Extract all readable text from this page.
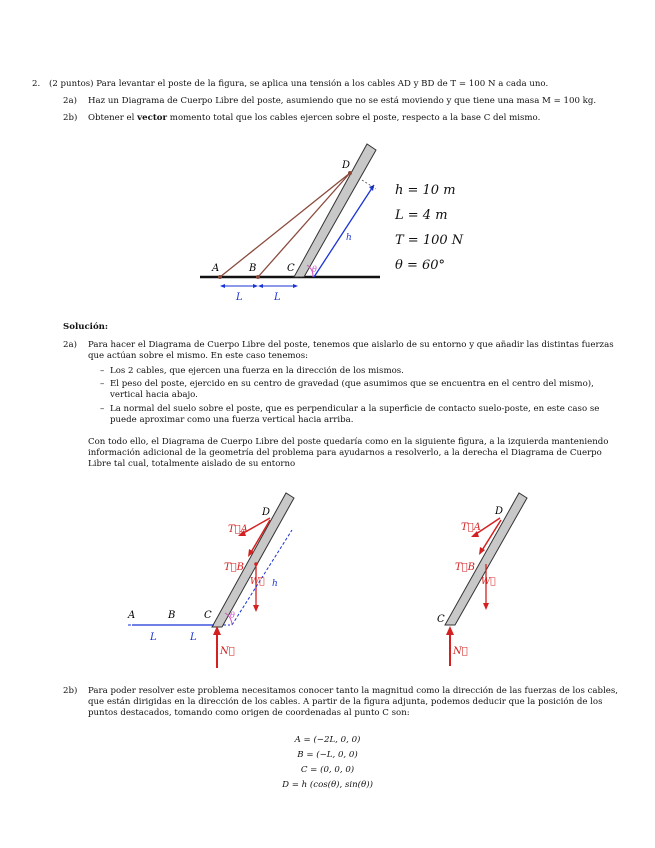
2. (2 puntos) Para levantar el poste de la figura, se aplica una tensión a los cables AD y BD de T = 100 N a cada uno.
2a) Haz un Diagrama de Cuerpo Libre del poste, asumiendo que no se está moviendo y que tiene una masa M = 100 kg.
2b) Obtener el vector momento total que los cables ejercen sobre el poste, respecto a la base C del mismo.
θ
A	B	C
D
L	L
h
h = 10 m
L = 4 m
T = 100 N
θ = 60°
Solución:
2a) Para hacer el Diagrama de Cuerpo Libre del poste, tenemos que aislarlo de su entorno y que añadir las distintas fuerzas que actúan sobre el mismo. En este caso tenemos:
– Los 2 cables, que ejercen una fuerza en la dirección de los mismos.
– El peso del poste, ejercido en su centro de gravedad (que asumimos que se encuentra en el centro del mismo), vertical hacia abajo.
– La normal del suelo sobre el poste, que es perpendicular a la superficie de contacto suelo-poste, en este caso se puede aproximar como una fuerza vertical hacia arriba.
Con todo ello, el Diagrama de Cuerpo Libre del poste quedaría como en la siguiente figura, a la izquierda manteniendo información adicional de la geometría del problema para ayudarnos a resolverlo, a la derecha el Diagrama de Cuerpo Libre tal cual, totalmente aislado de su entorno
A	B	C
D
L	L
T⃗A
T⃗B
W⃗ h
θ
N⃗
C
D
T⃗A
T⃗B
W⃗
N⃗
2b) Para poder resolver este problema necesitamos conocer tanto la magnitud como la dirección de las fuerzas de los cables, que están dirigidas en la dirección de los cables. A partir de la figura adjunta, podemos deducir que la posición de los puntos destacados, tomando como origen de coordenadas al punto C son:
A = (−2L, 0, 0)
B = (−L, 0, 0)
C = (0, 0, 0)
D = h (cos(θ), sin(θ))
